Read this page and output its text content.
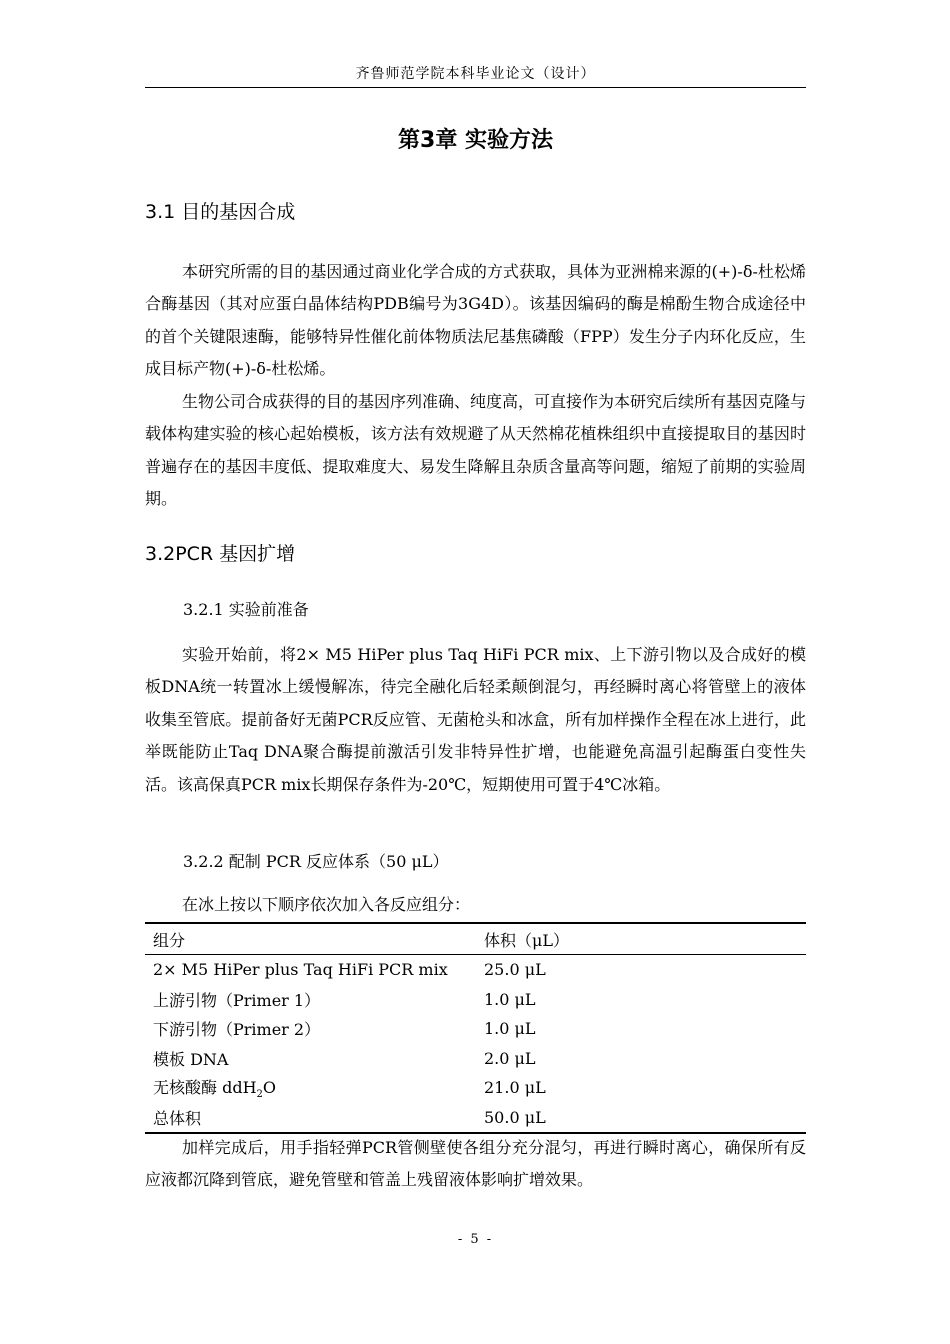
齐鲁师范学院本科毕业论文（设计）
第3章 实验方法
3.1 目的基因合成

本研究所需的目的基因通过商业化学合成的方式获取，具体为亚洲棉来源的(+)-δ-杜松烯合酶基因（其对应蛋白晶体结构PDB编号为3G4D）。该基因编码的酶是棉酚生物合成途径中的首个关键限速酶，能够特异性催化前体物质法尼基焦磷酸（FPP）发生分子内环化反应，生成目标产物(+)-δ-杜松烯。

生物公司合成获得的目的基因序列准确、纯度高，可直接作为本研究后续所有基因克隆与载体构建实验的核心起始模板，该方法有效规避了从天然棉花植株组织中直接提取目的基因时普遍存在的基因丰度低、提取难度大、易发生降解且杂质含量高等问题，缩短了前期的实验周期。

3.2PCR 基因扩增
3.2.1 实验前准备

实验开始前，将2× M5 HiPer plus Taq HiFi PCR mix、上下游引物以及合成好的模板DNA统一转置冰上缓慢解冻，待完全融化后轻柔颠倒混匀，再经瞬时离心将管壁上的液体收集至管底。提前备好无菌PCR反应管、无菌枪头和冰盒，所有加样操作全程在冰上进行，此举既能防止Taq DNA聚合酶提前激活引发非特异性扩增，也能避免高温引起酶蛋白变性失活。该高保真PCR mix长期保存条件为-20℃，短期使用可置于4℃冰箱。

3.2.2 配制 PCR 反应体系（50 μL）
在冰上按以下顺序依次加入各反应组分：
组分	体积（μL）
2× M5 HiPer plus Taq HiFi PCR mix	25.0 μL
上游引物（Primer 1）	1.0 μL
下游引物（Primer 2）	1.0 μL
模板 DNA	2.0 μL
无核酸酶 ddH$_2$O	21.0 μL
总体积	50.0 μL

加样完成后，用手指轻弹PCR管侧壁使各组分充分混匀，再进行瞬时离心，确保所有反应液都沉降到管底，避免管壁和管盖上残留液体影响扩增效果。

- 5 -
